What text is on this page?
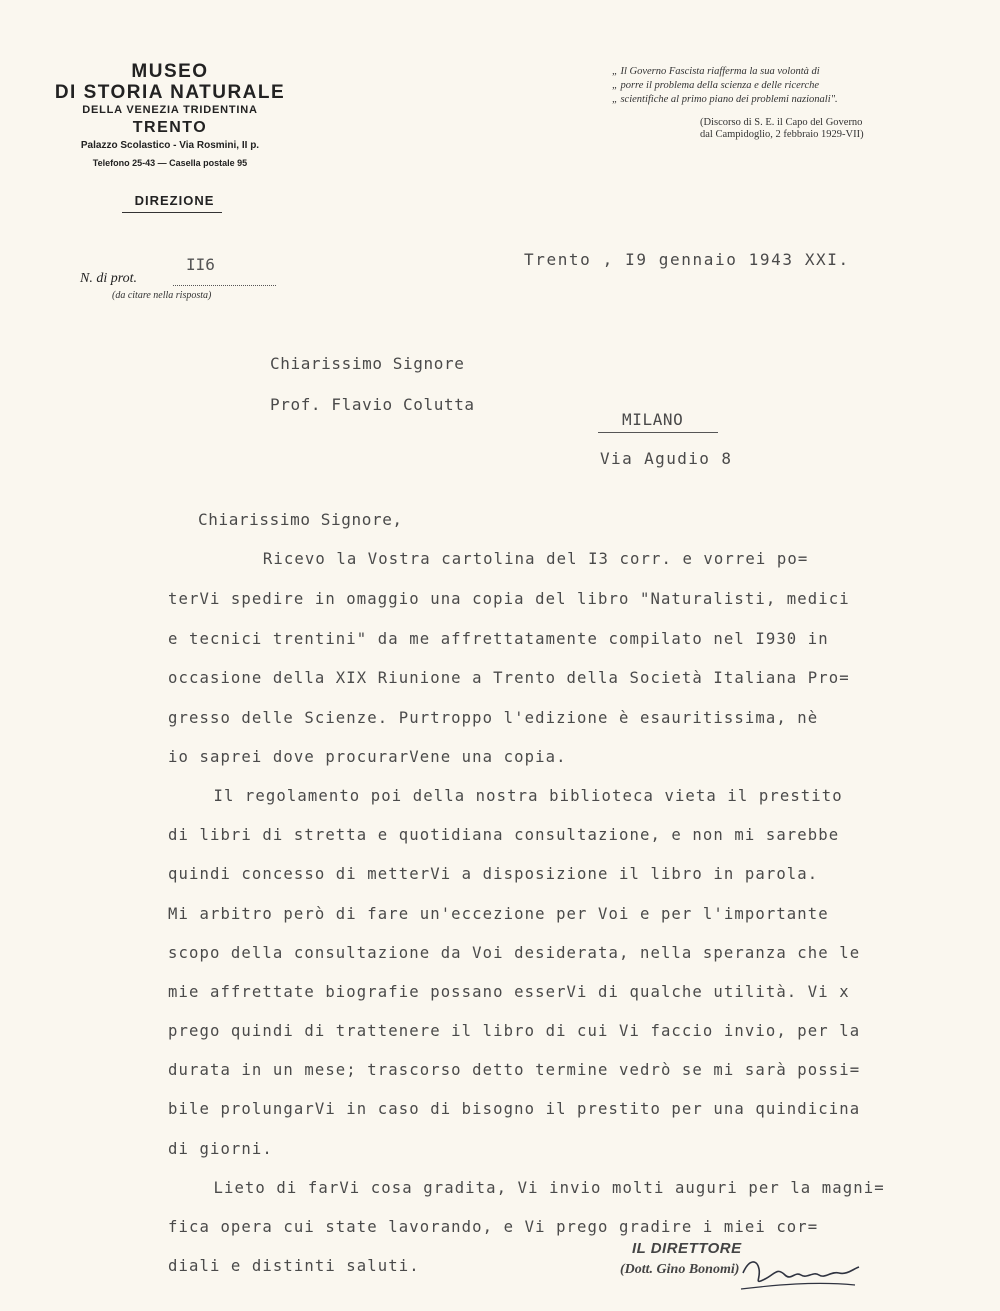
MUSEO
DI STORIA NATURALE
DELLA VENEZIA TRIDENTINA
TRENTO
Palazzo Scolastico - Via Rosmini, II p.
Telefono 25-43 — Casella postale 95
DIREZIONE
„ Il Governo Fascista riafferma la sua volontà di
„ porre il problema della scienza e delle ricerche
„ scientifiche al primo piano dei problemi nazionali".
(Discorso di S. E. il Capo del Governo
dal Campidoglio, 2 febbraio 1929-VII)
N. di prot.
II6
(da citare nella risposta)
Trento , I9 gennaio 1943 XXI.
Chiarissimo Signore
Prof. Flavio Colutta
MILANO
Via Agudio 8
Chiarissimo Signore,
Ricevo la Vostra cartolina del I3 corr. e vorrei po=
terVi spedire in omaggio una copia del libro "Naturalisti, medici
e tecnici trentini" da me affrettatamente compilato nel I930 in
occasione della XIX Riunione a Trento della Società Italiana Pro=
gresso delle Scienze. Purtroppo l'edizione è esauritissima, nè
io saprei dove procurarVene una copia.
Il regolamento poi della nostra biblioteca vieta il prestito
di libri di stretta e quotidiana consultazione, e non mi sarebbe
quindi concesso di metterVi a disposizione il libro in parola.
Mi arbitro però di fare un'eccezione per Voi e per l'importante
scopo della consultazione da Voi desiderata, nella speranza che le
mie affrettate biografie possano esserVi di qualche utilità. Vi x
prego quindi di trattenere il libro di cui Vi faccio invio, per la
durata in un mese; trascorso detto termine vedrò se mi sarà possi=
bile prolungarVi in caso di bisogno il prestito per una quindicina
di giorni.
Lieto di farVi cosa gradita, Vi invio molti auguri per la magni=
fica opera cui state lavorando, e Vi prego gradire i miei cor=
diali e distinti saluti.
IL DIRETTORE
(Dott. Gino Bonomi)
